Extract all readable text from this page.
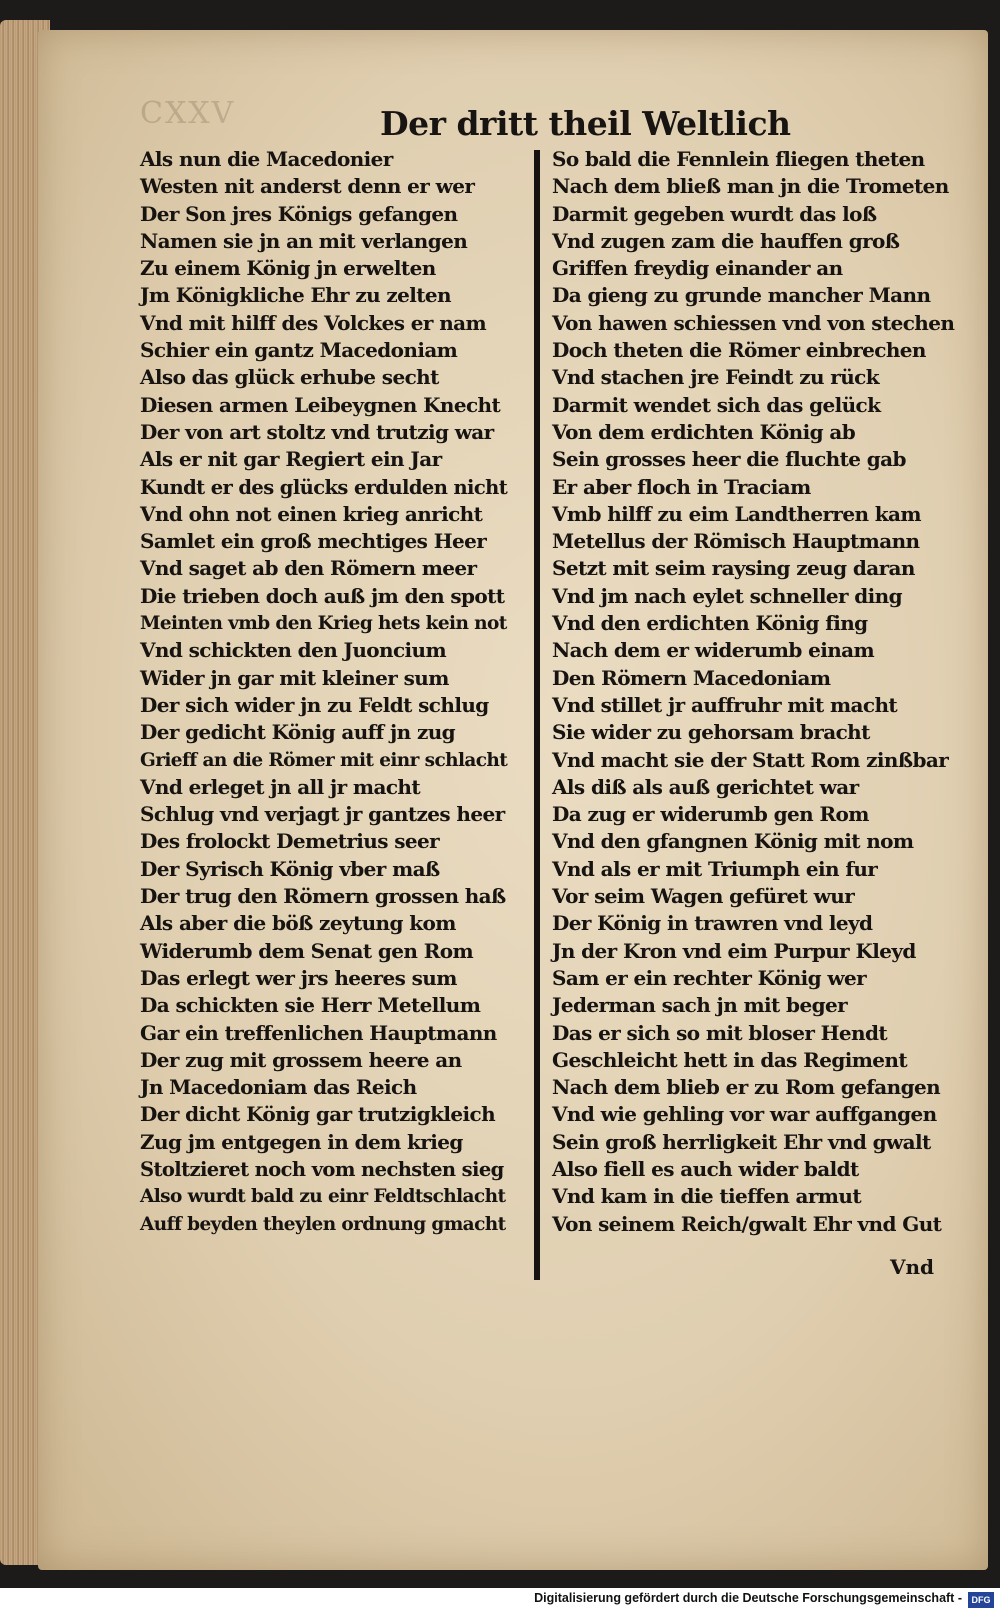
CXXV	Der dritt theil Weltlich
Als nun die Macedonier
Westen nit anderst denn er wer
Der Son jres Königs gefangen
Namen sie jn an mit verlangen
Zu einem König jn erwelten
Jm Königkliche Ehr zu zelten
Vnd mit hilff des Volckes er nam
Schier ein gantz Macedoniam
Also das glück erhube secht
Diesen armen Leibeygnen Knecht
Der von art stoltz vnd trutzig war
Als er nit gar Regiert ein Jar
Kundt er des glücks erdulden nicht
Vnd ohn not einen krieg anricht
Samlet ein groß mechtiges Heer
Vnd saget ab den Römern meer
Die trieben doch auß jm den spott
Meinten vmb den Krieg hets kein not
Vnd schickten den Juoncium
Wider jn gar mit kleiner sum
Der sich wider jn zu Feldt schlug
Der gedicht König auff jn zug
Grieff an die Römer mit einr schlacht
Vnd erleget jn all jr macht
Schlug vnd verjagt jr gantzes heer
Des frolockt Demetrius seer
Der Syrisch König vber maß
Der trug den Römern grossen haß
Als aber die böß zeytung kom
Widerumb dem Senat gen Rom
Das erlegt wer jrs heeres sum
Da schickten sie Herr Metellum
Gar ein treffenlichen Hauptmann
Der zug mit grossem heere an
Jn Macedoniam das Reich
Der dicht König gar trutzigkleich
Zug jm entgegen in dem krieg
Stoltzieret noch vom nechsten sieg
Also wurdt bald zu einr Feldtschlacht
Auff beyden theylen ordnung gmacht
So bald die Fennlein fliegen theten
Nach dem bließ man jn die Trometen
Darmit gegeben wurdt das loß
Vnd zugen zam die hauffen groß
Griffen freydig einander an
Da gieng zu grunde mancher Mann
Von hawen schiessen vnd von stechen
Doch theten die Römer einbrechen
Vnd stachen jre Feindt zu rück
Darmit wendet sich das gelück
Von dem erdichten König ab
Sein grosses heer die fluchte gab
Er aber floch in Traciam
Vmb hilff zu eim Landtherren kam
Metellus der Römisch Hauptmann
Setzt mit seim raysing zeug daran
Vnd jm nach eylet schneller ding
Vnd den erdichten König fing
Nach dem er widerumb einam
Den Römern Macedoniam
Vnd stillet jr auffruhr mit macht
Sie wider zu gehorsam bracht
Vnd macht sie der Statt Rom zinßbar
Als diß als auß gerichtet war
Da zug er widerumb gen Rom
Vnd den gfangnen König mit nom
Vnd als er mit Triumph ein fur
Vor seim Wagen gefüret wur
Der König in trawren vnd leyd
Jn der Kron vnd eim Purpur Kleyd
Sam er ein rechter König wer
Jederman sach jn mit beger
Das er sich so mit bloser Hendt
Geschleicht hett in das Regiment
Nach dem blieb er zu Rom gefangen
Vnd wie gehling vor war auffgangen
Sein groß herrligkeit Ehr vnd gwalt
Also fiell es auch wider baldt
Vnd kam in die tieffen armut
Von seinem Reich/gwalt Ehr vnd Gut
Vnd
Digitalisierung gefördert durch die Deutsche Forschungsgemeinschaft -	DFG
